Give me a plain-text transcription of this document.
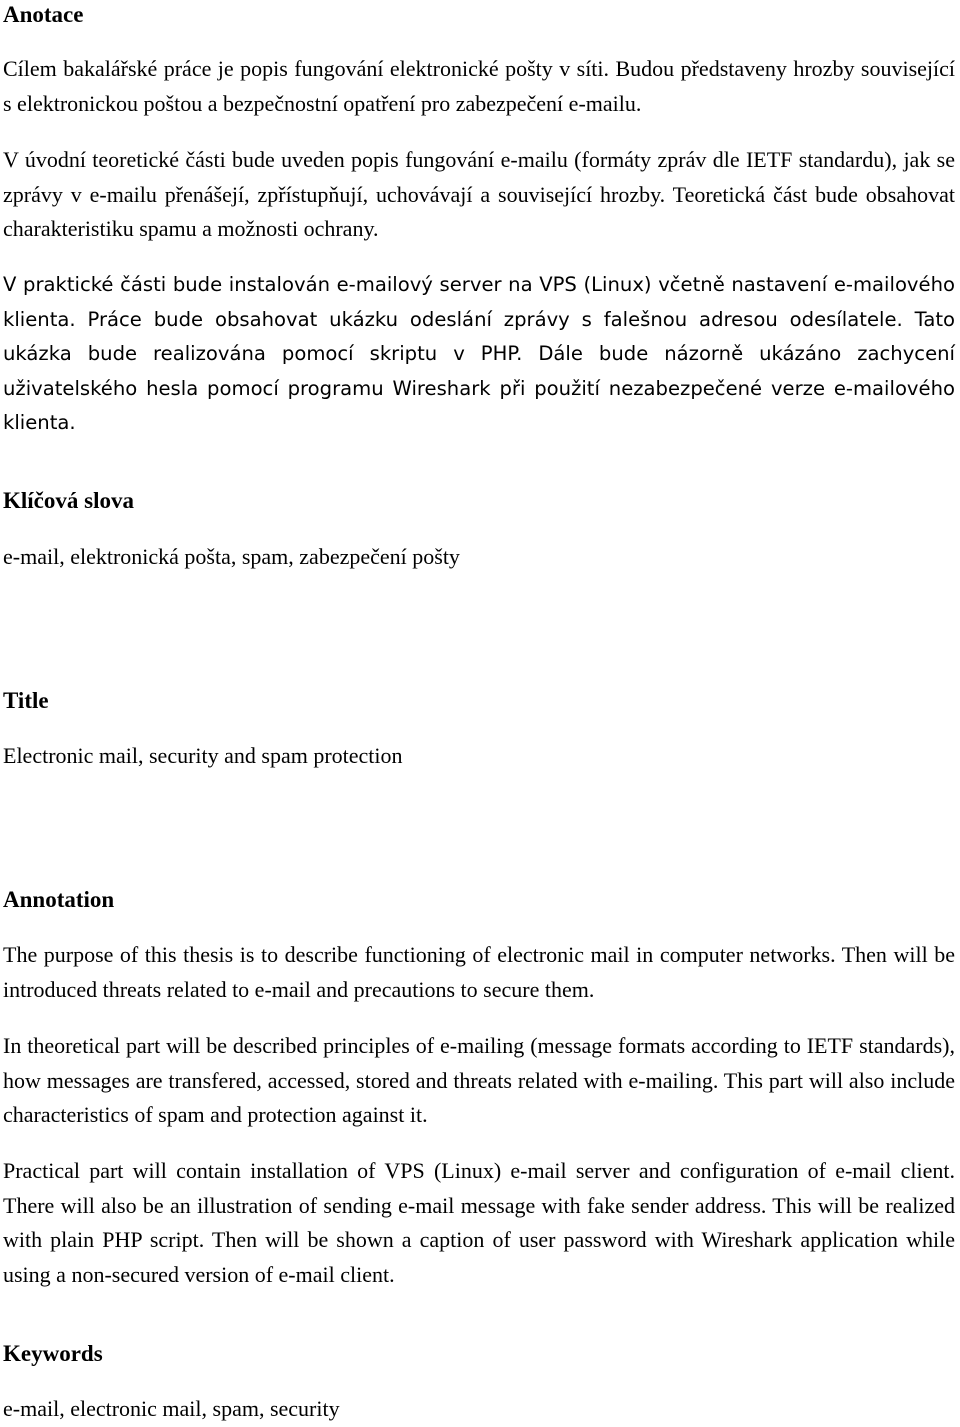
Anotace
Cílem bakalářské práce je popis fungování elektronické pošty v síti. Budou představeny hrozby související s elektronickou poštou a bezpečnostní opatření pro zabezpečení e-mailu.
V úvodní teoretické části bude uveden popis fungování e-mailu (formáty zpráv dle IETF standardu), jak se zprávy v e-mailu přenášejí, zpřístupňují, uchovávají a související hrozby. Teoretická část bude obsahovat charakteristiku spamu a možnosti ochrany.
V praktické části bude instalován e-mailový server na VPS (Linux) včetně nastavení e-mailového klienta. Práce bude obsahovat ukázku odeslání zprávy s falešnou adresou odesílatele. Tato ukázka bude realizována pomocí skriptu v PHP. Dále bude názorně ukázáno zachycení uživatelského hesla pomocí programu Wireshark při použití nezabezpečené verze e-mailového klienta.
Klíčová slova
e-mail, elektronická pošta, spam, zabezpečení pošty
Title
Electronic mail, security and spam protection
Annotation
The purpose of this thesis is to describe functioning of electronic mail in computer networks. Then will be introduced threats related to e-mail and precautions to secure them.
In theoretical part will be described principles of e-mailing (message formats according to IETF standards), how messages are transfered, accessed, stored and threats related with e-mailing. This part will also include characteristics of spam and protection against it.
Practical part will contain installation of VPS (Linux) e-mail server and configuration of e-mail client. There will also be an illustration of sending e-mail message with fake sender address. This will be realized with plain PHP script. Then will be shown a caption of user password with Wireshark application while using a non-secured version of e-mail client.
Keywords
e-mail, electronic mail, spam, security
